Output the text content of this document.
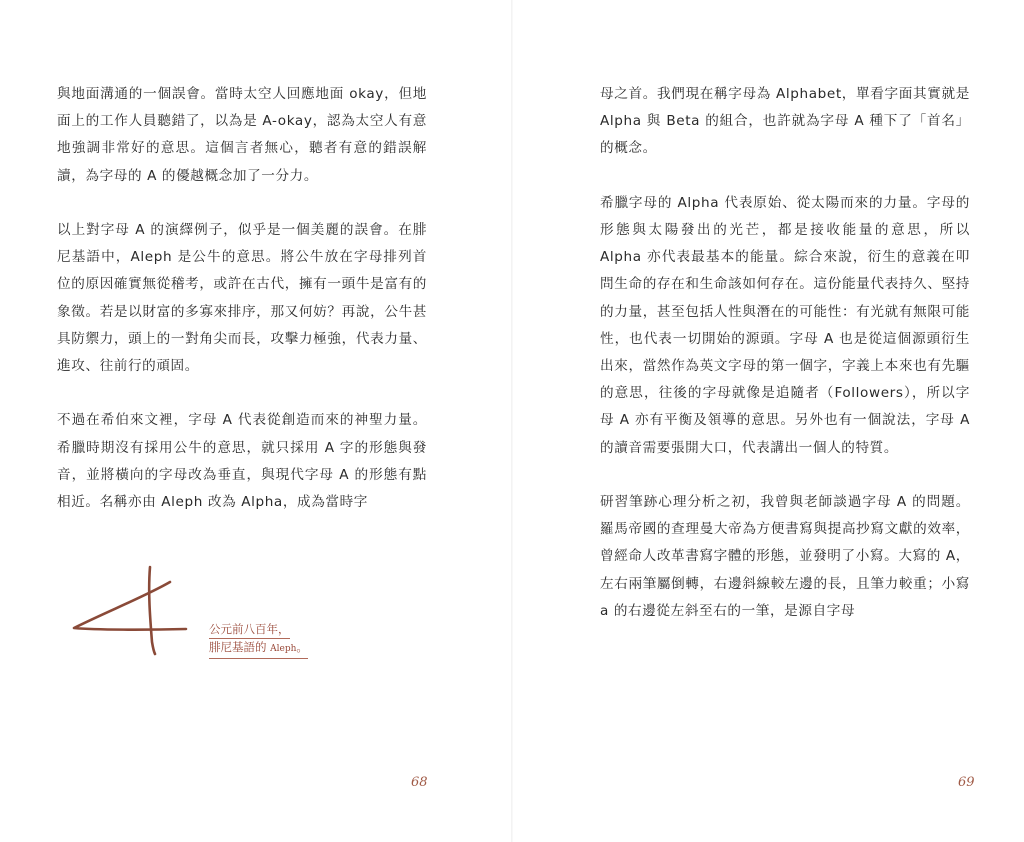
與地面溝通的一個誤會。當時太空人回應地面 okay，但地面上的工作人員聽錯了，以為是 A-okay，認為太空人有意地強調非常好的意思。這個言者無心，聽者有意的錯誤解讀，為字母的 A 的優越概念加了一分力。

以上對字母 A 的演繹例子，似乎是一個美麗的誤會。在腓尼基語中，Aleph 是公牛的意思。將公牛放在字母排列首位的原因確實無從稽考，或許在古代，擁有一頭牛是富有的象徵。若是以財富的多寡來排序，那又何妨？再說，公牛甚具防禦力，頭上的一對角尖而長，攻擊力極強，代表力量、進攻、往前行的頑固。

不過在希伯來文裡，字母 A 代表從創造而來的神聖力量。希臘時期沒有採用公牛的意思，就只採用 A 字的形態與發音，並將橫向的字母改為垂直，與現代字母 A 的形態有點相近。名稱亦由 Aleph 改為 Alpha，成為當時字

公元前八百年，
腓尼基語的 Aleph。
68

母之首。我們現在稱字母為 Alphabet，單看字面其實就是 Alpha 與 Beta 的組合，也許就為字母 A 種下了「首名」的概念。

希臘字母的 Alpha 代表原始、從太陽而來的力量。字母的形態與太陽發出的光芒，都是接收能量的意思，所以 Alpha 亦代表最基本的能量。綜合來說，衍生的意義在叩問生命的存在和生命該如何存在。這份能量代表持久、堅持的力量，甚至包括人性與潛在的可能性：有光就有無限可能性，也代表一切開始的源頭。字母 A 也是從這個源頭衍生出來，當然作為英文字母的第一個字，字義上本來也有先驅的意思，往後的字母就像是追隨者（Followers），所以字母 A 亦有平衡及領導的意思。另外也有一個說法，字母 A 的讀音需要張開大口，代表講出一個人的特質。

研習筆跡心理分析之初，我曾與老師談過字母 A 的問題。羅馬帝國的查理曼大帝為方便書寫與提高抄寫文獻的效率，曾經命人改革書寫字體的形態，並發明了小寫。大寫的 A，左右兩筆屬倒轉，右邊斜線較左邊的長，且筆力較重；小寫 a 的右邊從左斜至右的一筆，是源自字母

69
